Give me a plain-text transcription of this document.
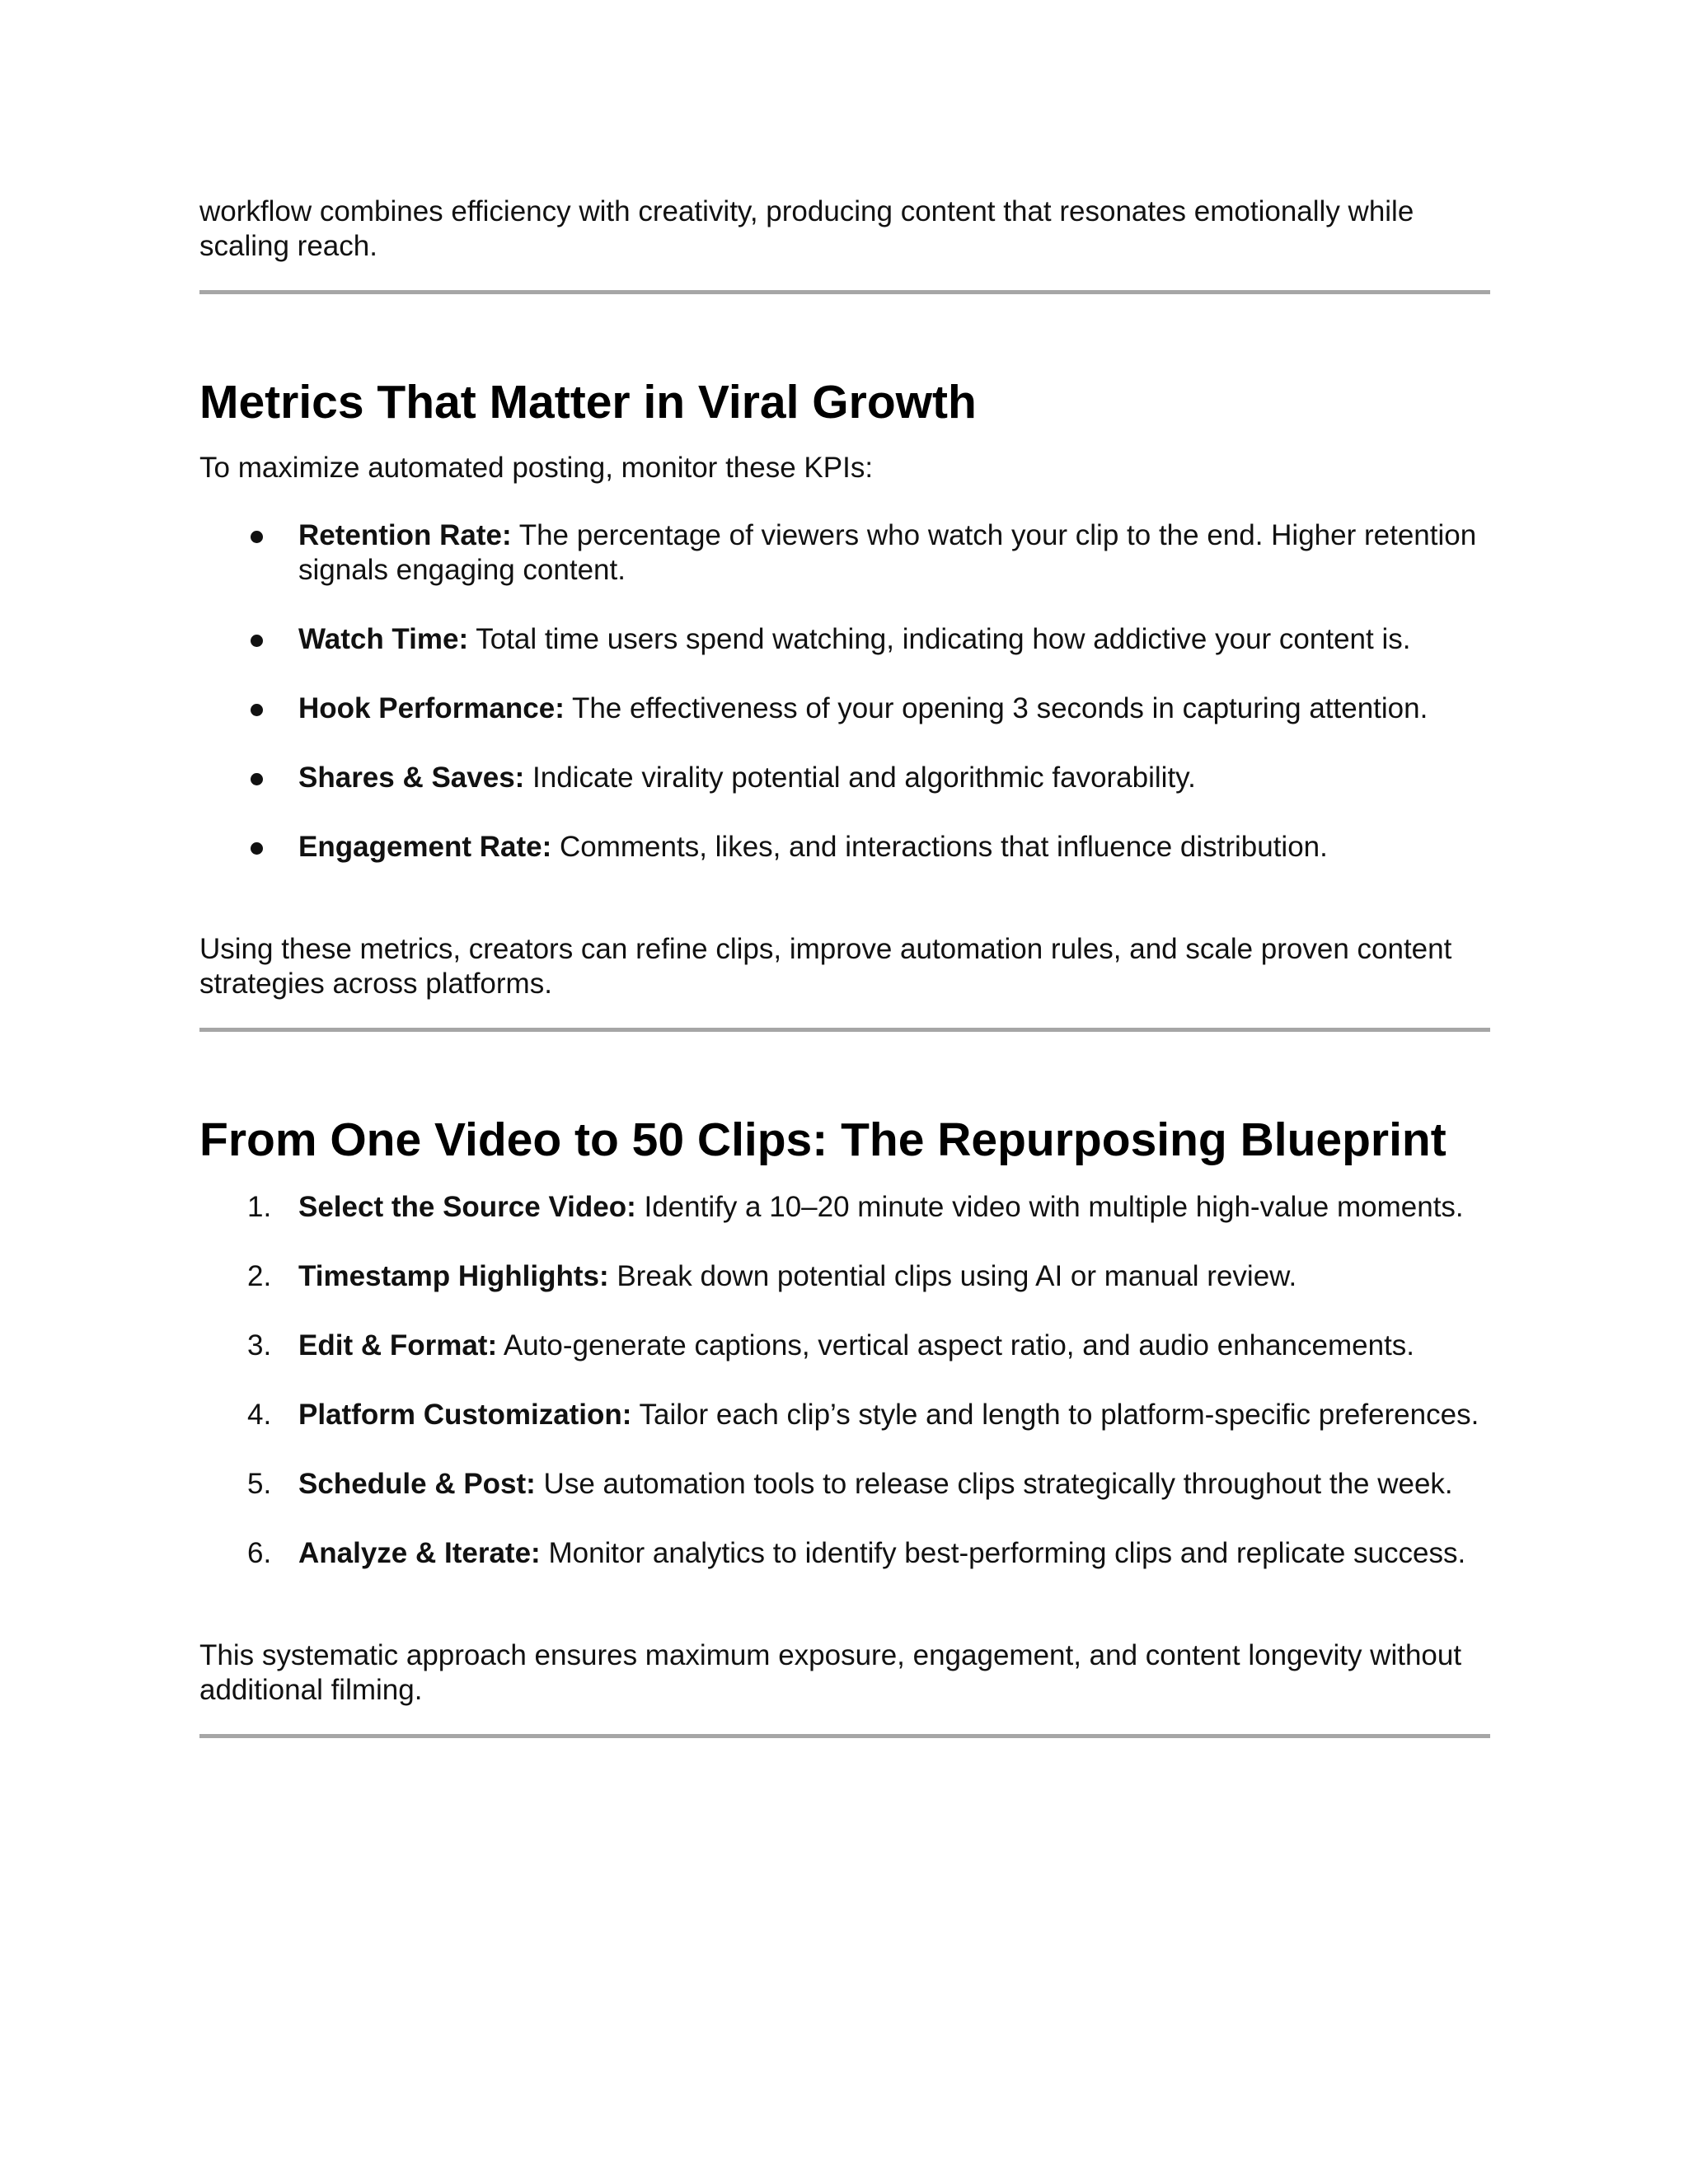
workflow combines efficiency with creativity, producing content that resonates emotionally while scaling reach.

Metrics That Matter in Viral Growth

To maximize automated posting, monitor these KPIs:

Retention Rate: The percentage of viewers who watch your clip to the end. Higher retention signals engaging content.
Watch Time: Total time users spend watching, indicating how addictive your content is.
Hook Performance: The effectiveness of your opening 3 seconds in capturing attention.
Shares & Saves: Indicate virality potential and algorithmic favorability.
Engagement Rate: Comments, likes, and interactions that influence distribution.

Using these metrics, creators can refine clips, improve automation rules, and scale proven content strategies across platforms.

From One Video to 50 Clips: The Repurposing Blueprint
1. Select the Source Video: Identify a 10–20 minute video with multiple high-value moments.
2. Timestamp Highlights: Break down potential clips using AI or manual review.
3. Edit & Format: Auto-generate captions, vertical aspect ratio, and audio enhancements.
4. Platform Customization: Tailor each clip’s style and length to platform-specific preferences.
5. Schedule & Post: Use automation tools to release clips strategically throughout the week.
6. Analyze & Iterate: Monitor analytics to identify best-performing clips and replicate success.

This systematic approach ensures maximum exposure, engagement, and content longevity without additional filming.
